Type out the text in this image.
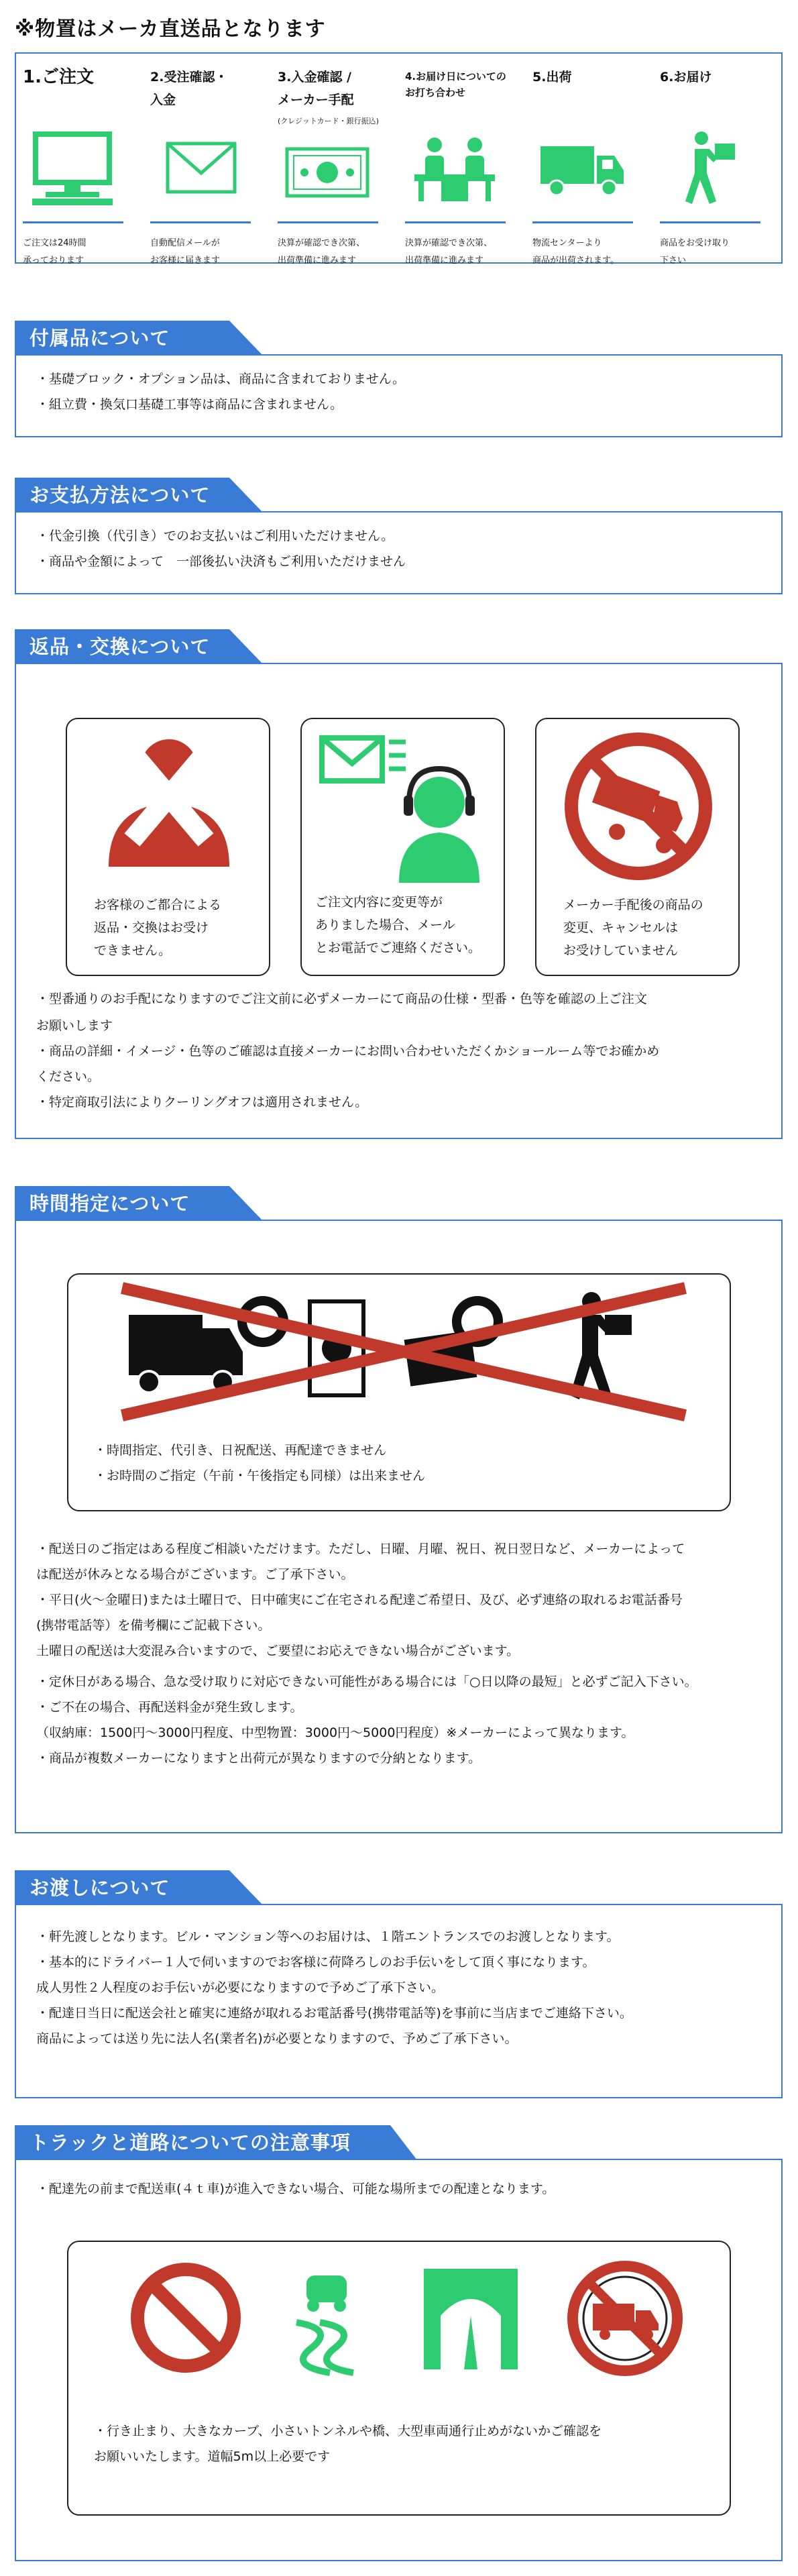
※物置はメーカ直送品となります
1.ご注文
ご注文は24時間
承っております
2.受注確認・
入金
自動配信メールが
お客様に届きます
3.入金確認 /
メーカー手配
(クレジットカード・銀行振込)
決算が確認でき次第、
出荷準備に進みます
4.お届け日についての
お打ち合わせ
決算が確認でき次第、
出荷準備に進みます
5.出荷
物流センターより
商品が出荷されます。
6.お届け
商品をお受け取り
下さい
付属品について
・基礎ブロック・オプション品は、商品に含まれておりません。
・組立費・換気口基礎工事等は商品に含まれません。
お支払方法について
・代金引換（代引き）でのお支払いはご利用いただけません。
・商品や金額によって　一部後払い決済もご利用いただけません
返品・交換について
お客様のご都合による
返品・交換はお受け
できません。
ご注文内容に変更等が
ありました場合、メール
とお電話でご連絡ください。
メーカー手配後の商品の
変更、キャンセルは
お受けしていません
・型番通りのお手配になりますのでご注文前に必ずメーカーにて商品の仕様・型番・色等を確認の上ご注文
お願いします
・商品の詳細・イメージ・色等のご確認は直接メーカーにお問い合わせいただくかショールーム等でお確かめ
ください。
・特定商取引法によりクーリングオフは適用されません。
時間指定について
・時間指定、代引き、日祝配送、再配達できません
・お時間のご指定（午前・午後指定も同様）は出来ません
・配送日のご指定はある程度ご相談いただけます。ただし、日曜、月曜、祝日、祝日翌日など、メーカーによって
は配送が休みとなる場合がございます。ご了承下さい。
・平日(火～金曜日)または土曜日で、日中確実にご在宅される配達ご希望日、及び、必ず連絡の取れるお電話番号
(携帯電話等）を備考欄にご記載下さい。
土曜日の配送は大変混み合いますので、ご要望にお応えできない場合がございます。
・定休日がある場合、急な受け取りに対応できない可能性がある場合には「○日以降の最短」と必ずご記入下さい。
・ご不在の場合、再配送料金が発生致します。
（収納庫：1500円～3000円程度、中型物置：3000円～5000円程度）※メーカーによって異なります。
・商品が複数メーカーになりますと出荷元が異なりますので分納となります。
お渡しについて
・軒先渡しとなります。ビル・マンション等へのお届けは、１階エントランスでのお渡しとなります。
・基本的にドライバー１人で伺いますのでお客様に荷降ろしのお手伝いをして頂く事になります。
成人男性２人程度のお手伝いが必要になりますので予めご了承下さい。
・配達日当日に配送会社と確実に連絡が取れるお電話番号(携帯電話等)を事前に当店までご連絡下さい。
商品によっては送り先に法人名(業者名)が必要となりますので、予めご了承下さい。
トラックと道路についての注意事項
・配達先の前まで配送車(４ｔ車)が進入できない場合、可能な場所までの配達となります。
・行き止まり、大きなカーブ、小さいトンネルや橋、大型車両通行止めがないかご確認を
お願いいたします。道幅5m以上必要です
